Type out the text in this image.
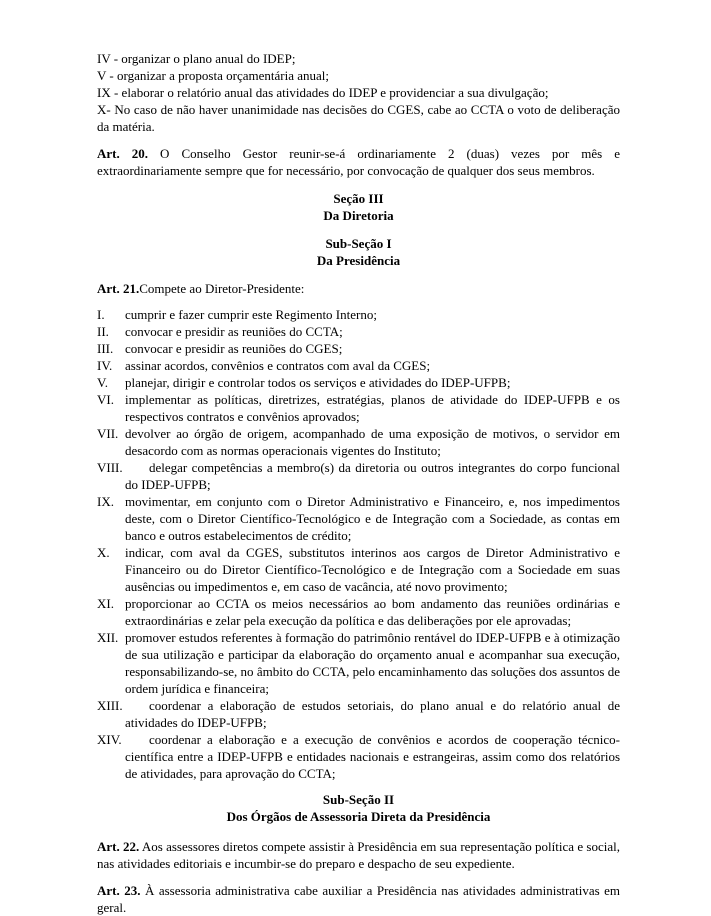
IV - organizar o plano anual do IDEP;

V - organizar a proposta orçamentária anual;

IX - elaborar o relatório anual das atividades do IDEP e providenciar a sua divulgação;

X- No caso de não haver unanimidade nas decisões do CGES, cabe ao CCTA o voto de deliberação da matéria.

Art. 20. O Conselho Gestor reunir-se-á ordinariamente 2 (duas) vezes por mês e extraordinariamente sempre que for necessário, por convocação de qualquer dos seus membros.

Seção III

Da Diretoria

Sub-Seção I

Da Presidência

Art. 21.Compete ao Diretor-Presidente:

I. cumprir e fazer cumprir este Regimento Interno;
II. convocar e presidir as reuniões do CCTA;
III. convocar e presidir as reuniões do CGES;
IV. assinar acordos, convênios e contratos com aval da CGES;
V. planejar, dirigir e controlar todos os serviços e atividades do IDEP-UFPB;
VI. implementar as políticas, diretrizes, estratégias, planos de atividade do IDEP-UFPB e os respectivos contratos e convênios aprovados;
VII. devolver ao órgão de origem, acompanhado de uma exposição de motivos, o servidor em desacordo com as normas operacionais vigentes do Instituto;
VIII. delegar competências a membro(s) da diretoria ou outros integrantes do corpo funcional do IDEP-UFPB;
IX. movimentar, em conjunto com o Diretor Administrativo e Financeiro, e, nos impedimentos deste, com o Diretor Científico-Tecnológico e de Integração com a Sociedade, as contas em banco e outros estabelecimentos de crédito;
X. indicar, com aval da CGES, substitutos interinos aos cargos de Diretor Administrativo e Financeiro ou do Diretor Científico-Tecnológico e de Integração com a Sociedade em suas ausências ou impedimentos e, em caso de vacância, até novo provimento;
XI. proporcionar ao CCTA os meios necessários ao bom andamento das reuniões ordinárias e extraordinárias e zelar pela execução da política e das deliberações por ele aprovadas;
XII. promover estudos referentes à formação do patrimônio rentável do IDEP-UFPB e à otimização de sua utilização e participar da elaboração do orçamento anual e acompanhar sua execução, responsabilizando-se, no âmbito do CCTA, pelo encaminhamento das soluções dos assuntos de ordem jurídica e financeira;
XIII. coordenar a elaboração de estudos setoriais, do plano anual e do relatório anual de atividades do IDEP-UFPB;
XIV. coordenar a elaboração e a execução de convênios e acordos de cooperação técnico-científica entre a IDEP-UFPB e entidades nacionais e estrangeiras, assim como dos relatórios de atividades, para aprovação do CCTA;

Sub-Seção II

Dos Órgãos de Assessoria Direta da Presidência

Art. 22. Aos assessores diretos compete assistir à Presidência em sua representação política e social, nas atividades editoriais e incumbir-se do preparo e despacho de seu expediente.

Art. 23. À assessoria administrativa cabe auxiliar a Presidência nas atividades administrativas em geral.
